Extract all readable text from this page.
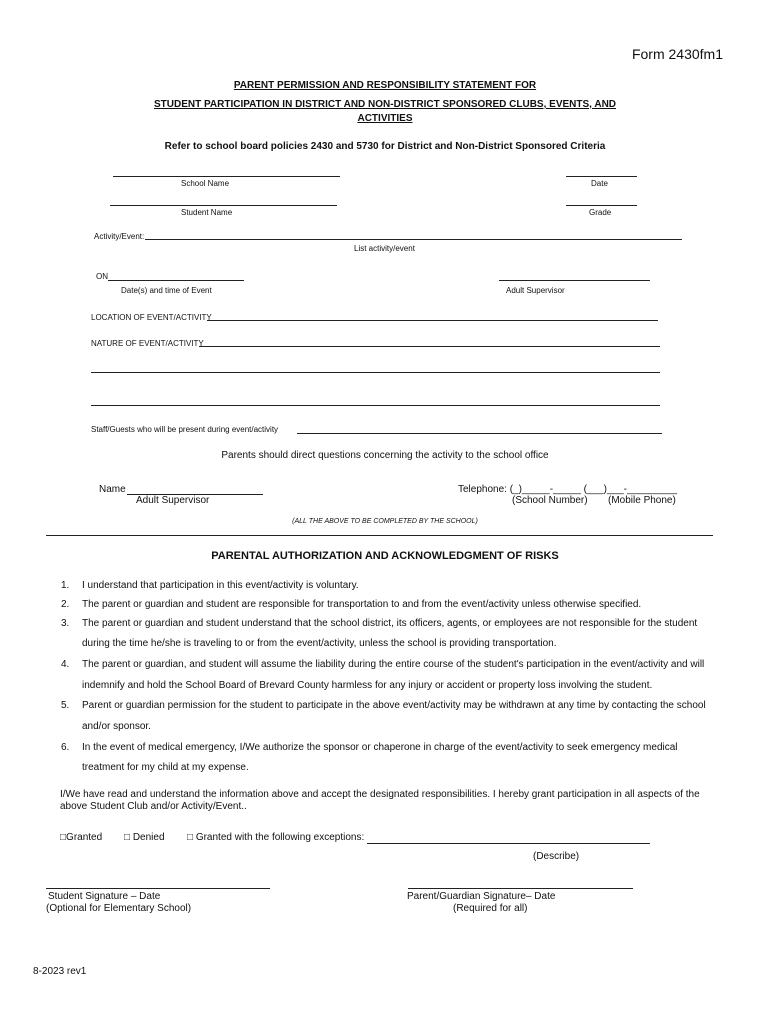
Form 2430fm1
PARENT PERMISSION AND RESPONSIBILITY STATEMENT FOR
STUDENT PARTICIPATION IN DISTRICT AND NON-DISTRICT SPONSORED CLUBS, EVENTS, AND
ACTIVITIES
Refer to school board policies 2430 and 5730 for District and Non-District Sponsored Criteria
School Name	Date
Student Name	Grade
Activity/Event:
List activity/event
ON
Date(s) and time of Event	Adult Supervisor
LOCATION OF EVENT/ACTIVITY
NATURE OF EVENT/ACTIVITY
Staff/Guests who will be present during event/activity
Parents should direct questions concerning the activity to the school office
Name
Adult Supervisor
Telephone: (_)_____-_____ (___)___-_________
(School Number) (Mobile Phone)
(ALL THE ABOVE TO BE COMPLETED BY THE SCHOOL)
PARENTAL AUTHORIZATION AND ACKNOWLEDGMENT OF RISKS
1. I understand that participation in this event/activity is voluntary.
2. The parent or guardian and student are responsible for transportation to and from the event/activity unless otherwise specified.
3. The parent or guardian and student understand that the school district, its officers, agents, or employees are not responsible for the student
during the time he/she is traveling to or from the event/activity, unless the school is providing transportation.
4. The parent or guardian, and student will assume the liability during the entire course of the student's participation in the event/activity and will
indemnify and hold the School Board of Brevard County harmless for any injury or accident or property loss involving the student.
5. Parent or guardian permission for the student to participate in the above event/activity may be withdrawn at any time by contacting the school
and/or sponsor.
6. In the event of medical emergency, I/We authorize the sponsor or chaperone in charge of the event/activity to seek emergency medical
treatment for my child at my expense.
I/We have read and understand the information above and accept the designated responsibilities. I hereby grant participation in all aspects of the
above Student Club and/or Activity/Event..
□Granted □ Denied □ Granted with the following exceptions:
(Describe)
Student Signature – Date
(Optional for Elementary School)
Parent/Guardian Signature– Date
(Required for all)
8-2023 rev1
